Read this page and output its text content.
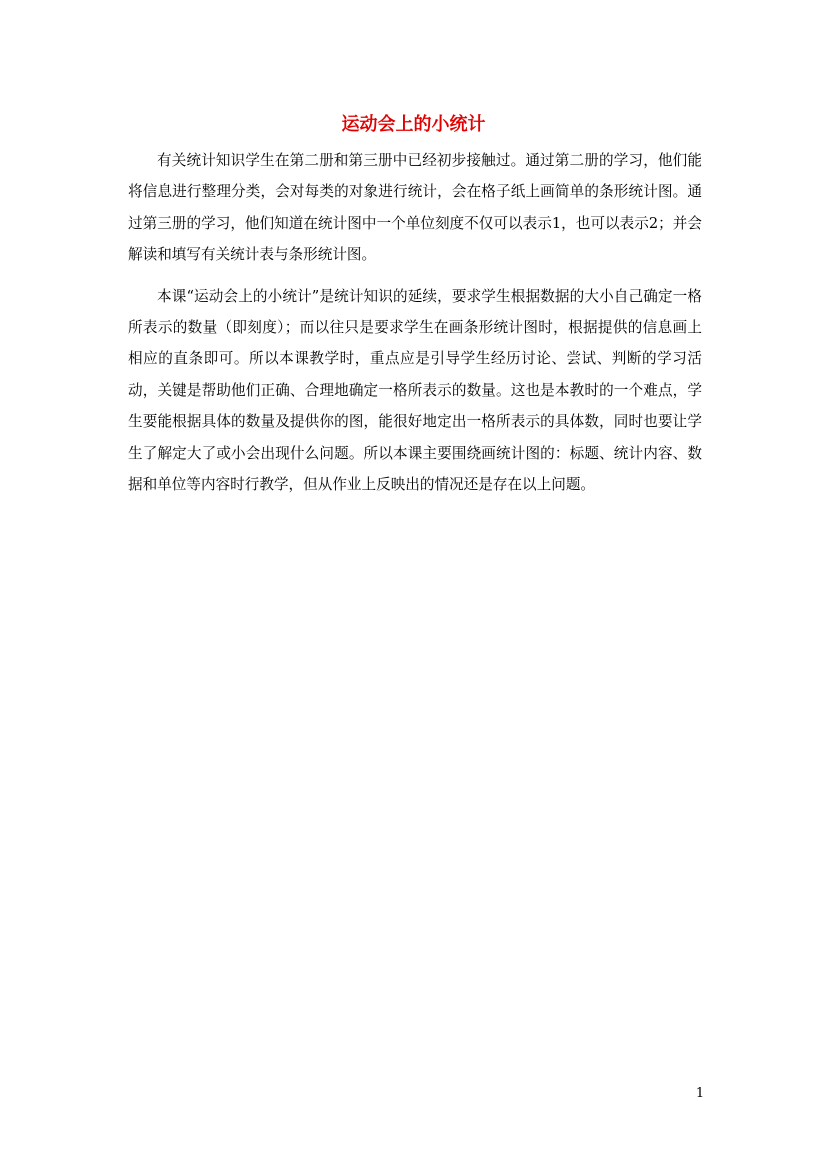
运动会上的小统计

有关统计知识学生在第二册和第三册中已经初步接触过。通过第二册的学习，他们能将信息进行整理分类，会对每类的对象进行统计，会在格子纸上画简单的条形统计图。通过第三册的学习，他们知道在统计图中一个单位刻度不仅可以表示1，也可以表示2；并会解读和填写有关统计表与条形统计图。

本课“运动会上的小统计”是统计知识的延续，要求学生根据数据的大小自己确定一格所表示的数量（即刻度）；而以往只是要求学生在画条形统计图时，根据提供的信息画上相应的直条即可。所以本课教学时，重点应是引导学生经历讨论、尝试、判断的学习活动，关键是帮助他们正确、合理地确定一格所表示的数量。这也是本教时的一个难点，学生要能根据具体的数量及提供你的图，能很好地定出一格所表示的具体数，同时也要让学生了解定大了或小会出现什么问题。所以本课主要围绕画统计图的：标题、统计内容、数据和单位等内容时行教学，但从作业上反映出的情况还是存在以上问题。

1
